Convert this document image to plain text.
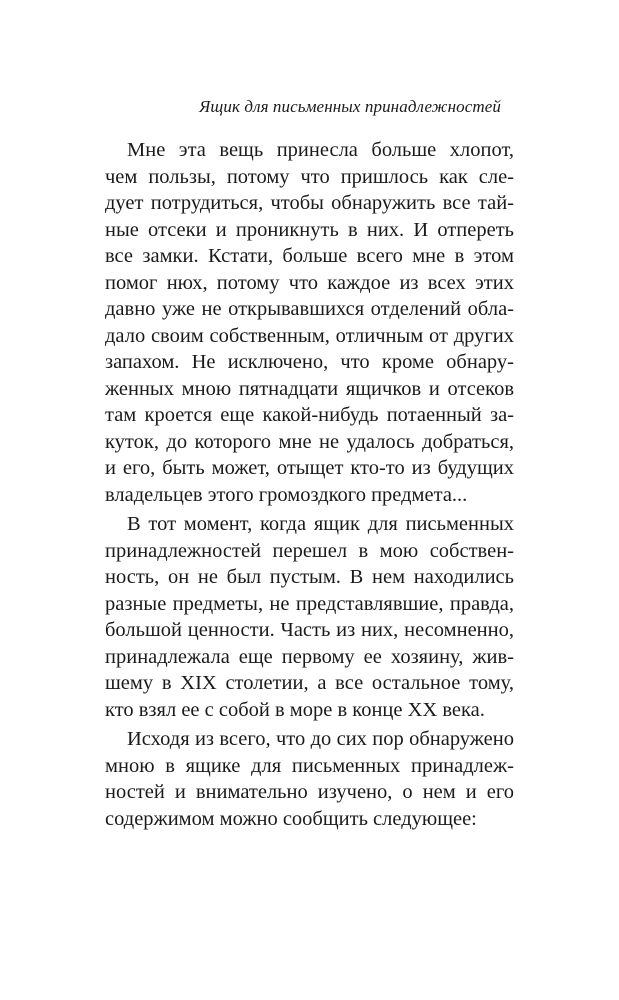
Ящик для письменных принадлежностей
Мне эта вещь принесла больше хлопот,
чем пользы, потому что пришлось как сле-
дует потрудиться, чтобы обнаружить все тай-
ные отсеки и проникнуть в них. И отпереть
все замки. Кстати, больше всего мне в этом
помог нюх, потому что каждое из всех этих
давно уже не открывавшихся отделений обла-
дало своим собственным, отличным от других
запахом. Не исключено, что кроме обнару-
женных мною пятнадцати ящичков и отсеков
там кроется еще какой-нибудь потаенный за-
куток, до которого мне не удалось добраться,
и его, быть может, отыщет кто-то из будущих
владельцев этого громоздкого предмета...
В тот момент, когда ящик для письменных
принадлежностей перешел в мою собствен-
ность, он не был пустым. В нем находились
разные предметы, не представлявшие, правда,
большой ценности. Часть из них, несомненно,
принадлежала еще первому ее хозяину, жив-
шему в XIX столетии, а все остальное тому,
кто взял ее с собой в море в конце XX века.
Исходя из всего, что до сих пор обнаружено
мною в ящике для письменных принадлеж-
ностей и внимательно изучено, о нем и его
содержимом можно сообщить следующее:
